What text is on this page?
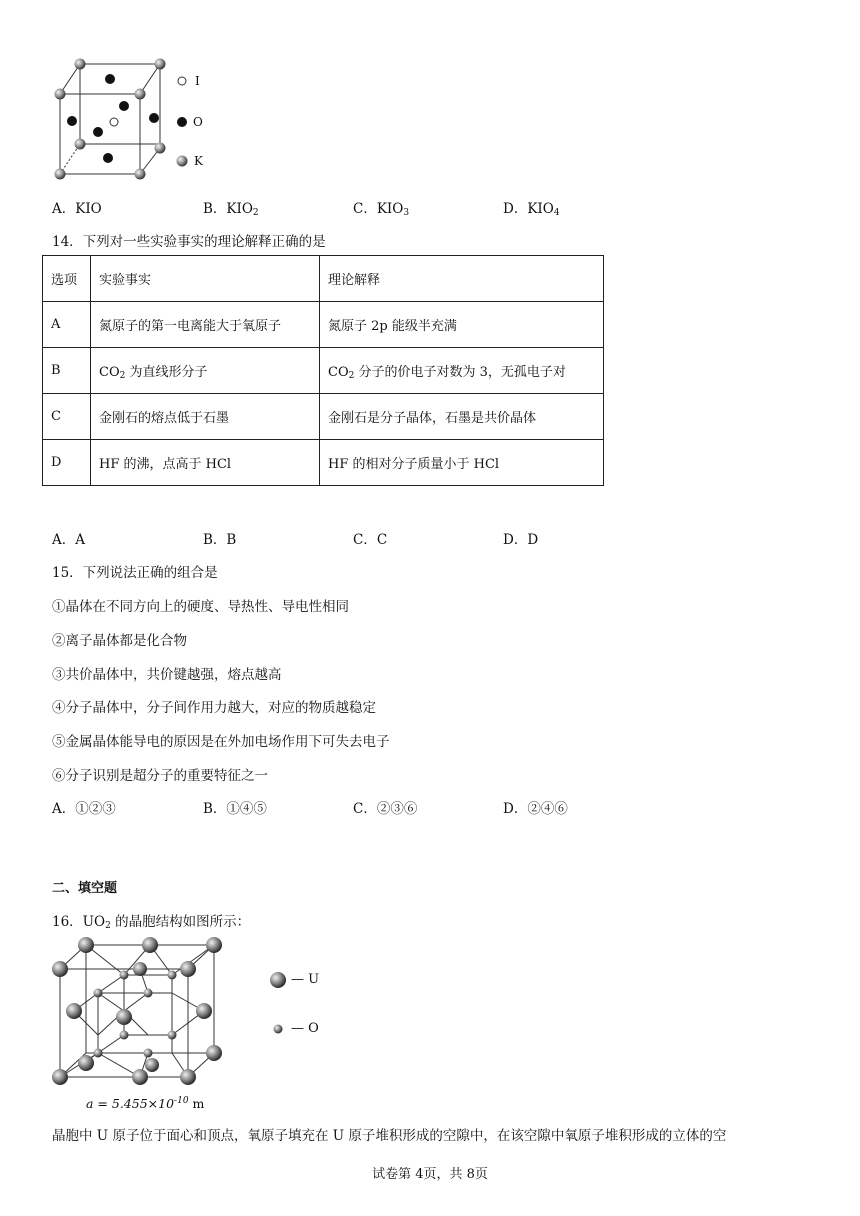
I
O
K
A．KIO	B．$KIO_2$	C．$KIO_3$	D．$KIO_4$
14．下列对一些实验事实的理论解释正确的是
选项	实验事实	理论解释
A	氮原子的第一电离能大于氧原子	氮原子 2p 能级半充满
B	$CO_2$ 为直线形分子	$CO_2$ 分子的价电子对数为 3，无孤电子对
C	金刚石的熔点低于石墨	金刚石是分子晶体，石墨是共价晶体
D	HF 的沸，点高于 HCl	HF 的相对分子质量小于 HCl
A．A	B．B	C．C	D．D
15．下列说法正确的组合是
①晶体在不同方向上的硬度、导热性、导电性相同
②离子晶体都是化合物
③共价晶体中，共价键越强，熔点越高
④分子晶体中，分子间作用力越大，对应的物质越稳定
⑤金属晶体能导电的原因是在外加电场作用下可失去电子
⑥分子识别是超分子的重要特征之一
A．①②③	B．①④⑤	C．②③⑥	D．②④⑥
二、填空题
16．$UO_2$ 的晶胞结构如图所示：
— U
— O
$a = 5.455\times 10^{-10}$ m
晶胞中 U 原子位于面心和顶点，氧原子填充在 U 原子堆积形成的空隙中，在该空隙中氧原子堆积形成的立体的空
试卷第 4页，共 8页
